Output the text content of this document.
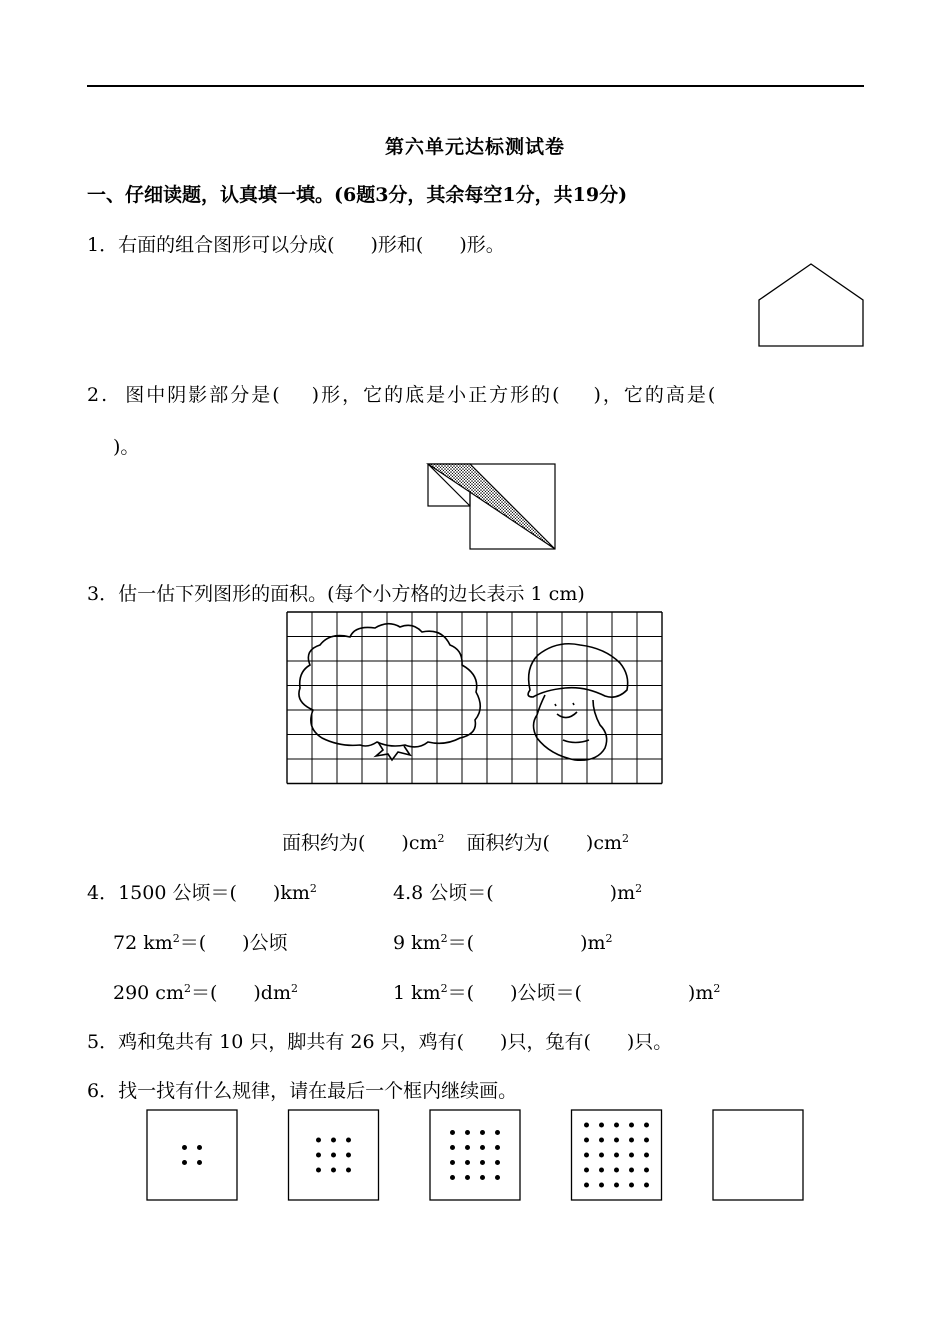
第六单元达标测试卷
一、仔细读题，认真填一填。(6题3分，其余每空1分，共19分)
1．右面的组合图形可以分成( )形和( )形。
2. 图中阴影部分是( )形，它的底是小正方形的( )，它的高是(
)。
3．估一估下列图形的面积。(每个小方格的边长表示 1 cm)
面积约为( )$cm^2$ 面积约为( )$cm^2$
4．1500 公顷＝( )$km^2$	4.8 公顷＝(	)$m^2$
72 $km^2=$( )公顷	9 $km^2=$(	)$m^2$
290 $cm^2=$( )$dm^2$	1 $km^2=$( )公顷＝(	)$m^2$
5．鸡和兔共有 10 只，脚共有 26 只，鸡有( )只，兔有( )只。
6．找一找有什么规律，请在最后一个框内继续画。
